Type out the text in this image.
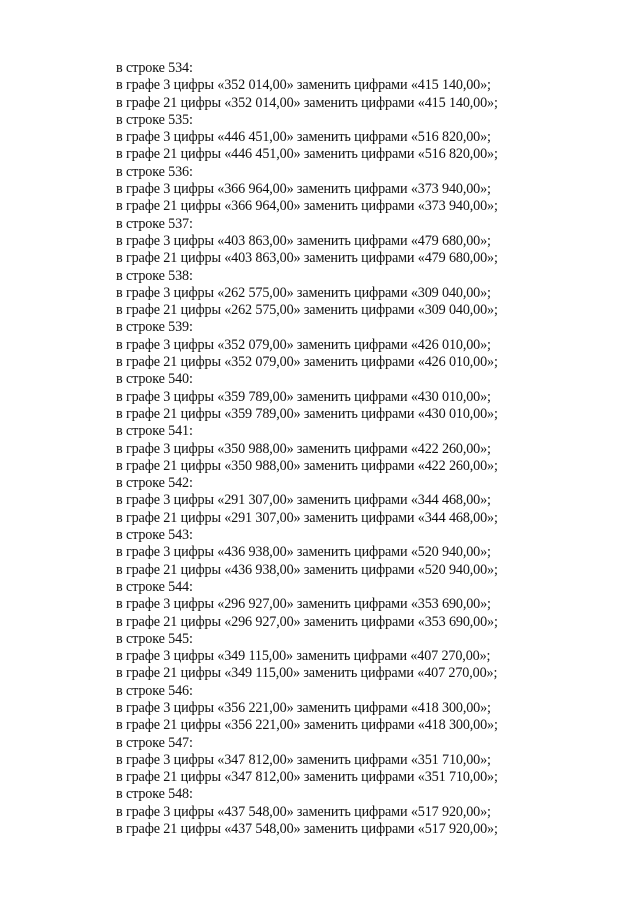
в строке 534:
в графе 3 цифры «352 014,00» заменить цифрами «415 140,00»;
в графе 21 цифры «352 014,00» заменить цифрами «415 140,00»;
в строке 535:
в графе 3 цифры «446 451,00» заменить цифрами «516 820,00»;
в графе 21 цифры «446 451,00» заменить цифрами «516 820,00»;
в строке 536:
в графе 3 цифры «366 964,00» заменить цифрами «373 940,00»;
в графе 21 цифры «366 964,00» заменить цифрами «373 940,00»;
в строке 537:
в графе 3 цифры «403 863,00» заменить цифрами «479 680,00»;
в графе 21 цифры «403 863,00» заменить цифрами «479 680,00»;
в строке 538:
в графе 3 цифры «262 575,00» заменить цифрами «309 040,00»;
в графе 21 цифры «262 575,00» заменить цифрами «309 040,00»;
в строке 539:
в графе 3 цифры «352 079,00» заменить цифрами «426 010,00»;
в графе 21 цифры «352 079,00» заменить цифрами «426 010,00»;
в строке 540:
в графе 3 цифры «359 789,00» заменить цифрами «430 010,00»;
в графе 21 цифры «359 789,00» заменить цифрами «430 010,00»;
в строке 541:
в графе 3 цифры «350 988,00» заменить цифрами «422 260,00»;
в графе 21 цифры «350 988,00» заменить цифрами «422 260,00»;
в строке 542:
в графе 3 цифры «291 307,00» заменить цифрами «344 468,00»;
в графе 21 цифры «291 307,00» заменить цифрами «344 468,00»;
в строке 543:
в графе 3 цифры «436 938,00» заменить цифрами «520 940,00»;
в графе 21 цифры «436 938,00» заменить цифрами «520 940,00»;
в строке 544:
в графе 3 цифры «296 927,00» заменить цифрами «353 690,00»;
в графе 21 цифры «296 927,00» заменить цифрами «353 690,00»;
в строке 545:
в графе 3 цифры «349 115,00» заменить цифрами «407 270,00»;
в графе 21 цифры «349 115,00» заменить цифрами «407 270,00»;
в строке 546:
в графе 3 цифры «356 221,00» заменить цифрами «418 300,00»;
в графе 21 цифры «356 221,00» заменить цифрами «418 300,00»;
в строке 547:
в графе 3 цифры «347 812,00» заменить цифрами «351 710,00»;
в графе 21 цифры «347 812,00» заменить цифрами «351 710,00»;
в строке 548:
в графе 3 цифры «437 548,00» заменить цифрами «517 920,00»;
в графе 21 цифры «437 548,00» заменить цифрами «517 920,00»;
